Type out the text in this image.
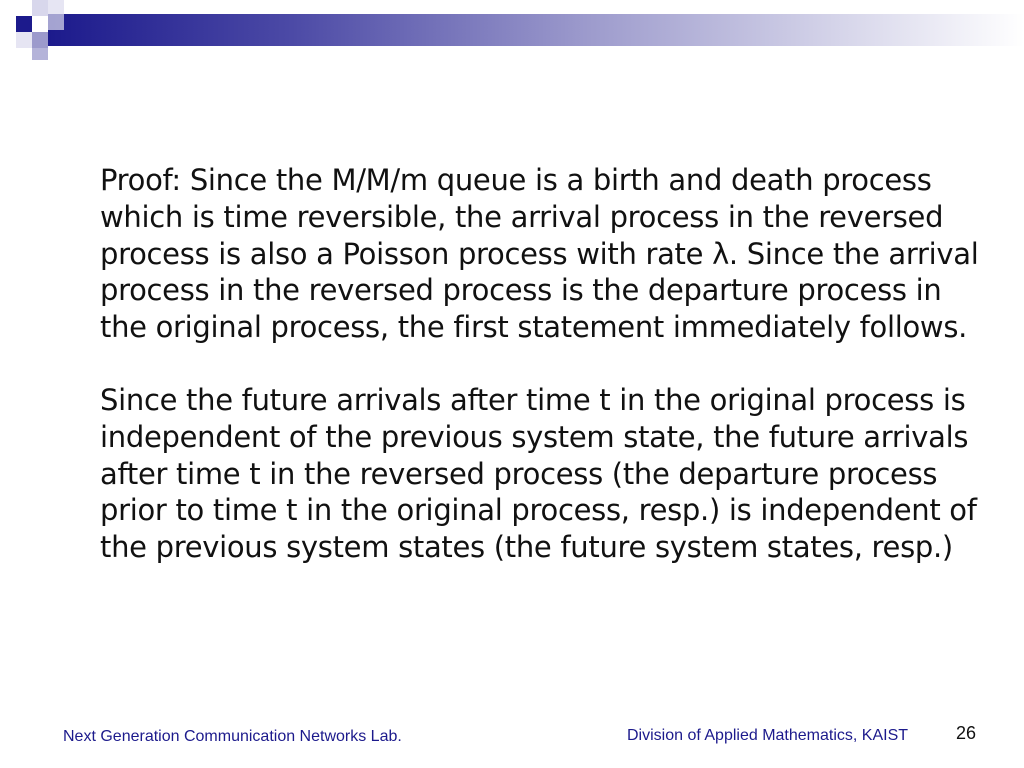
Proof: Since the M/M/m queue is a birth and death process which is time reversible, the arrival process in the reversed process is also a Poisson process with rate λ. Since the arrival process in the reversed process is the departure process in the original process, the first statement immediately follows.

Since the future arrivals after time t in the original process is independent of the previous system state, the future arrivals after time t in the reversed process (the departure process prior to time t in the original process, resp.) is independent of the previous system states (the future system states, resp.)

Next Generation Communication Networks Lab.	Division of Applied Mathematics, KAIST	26
